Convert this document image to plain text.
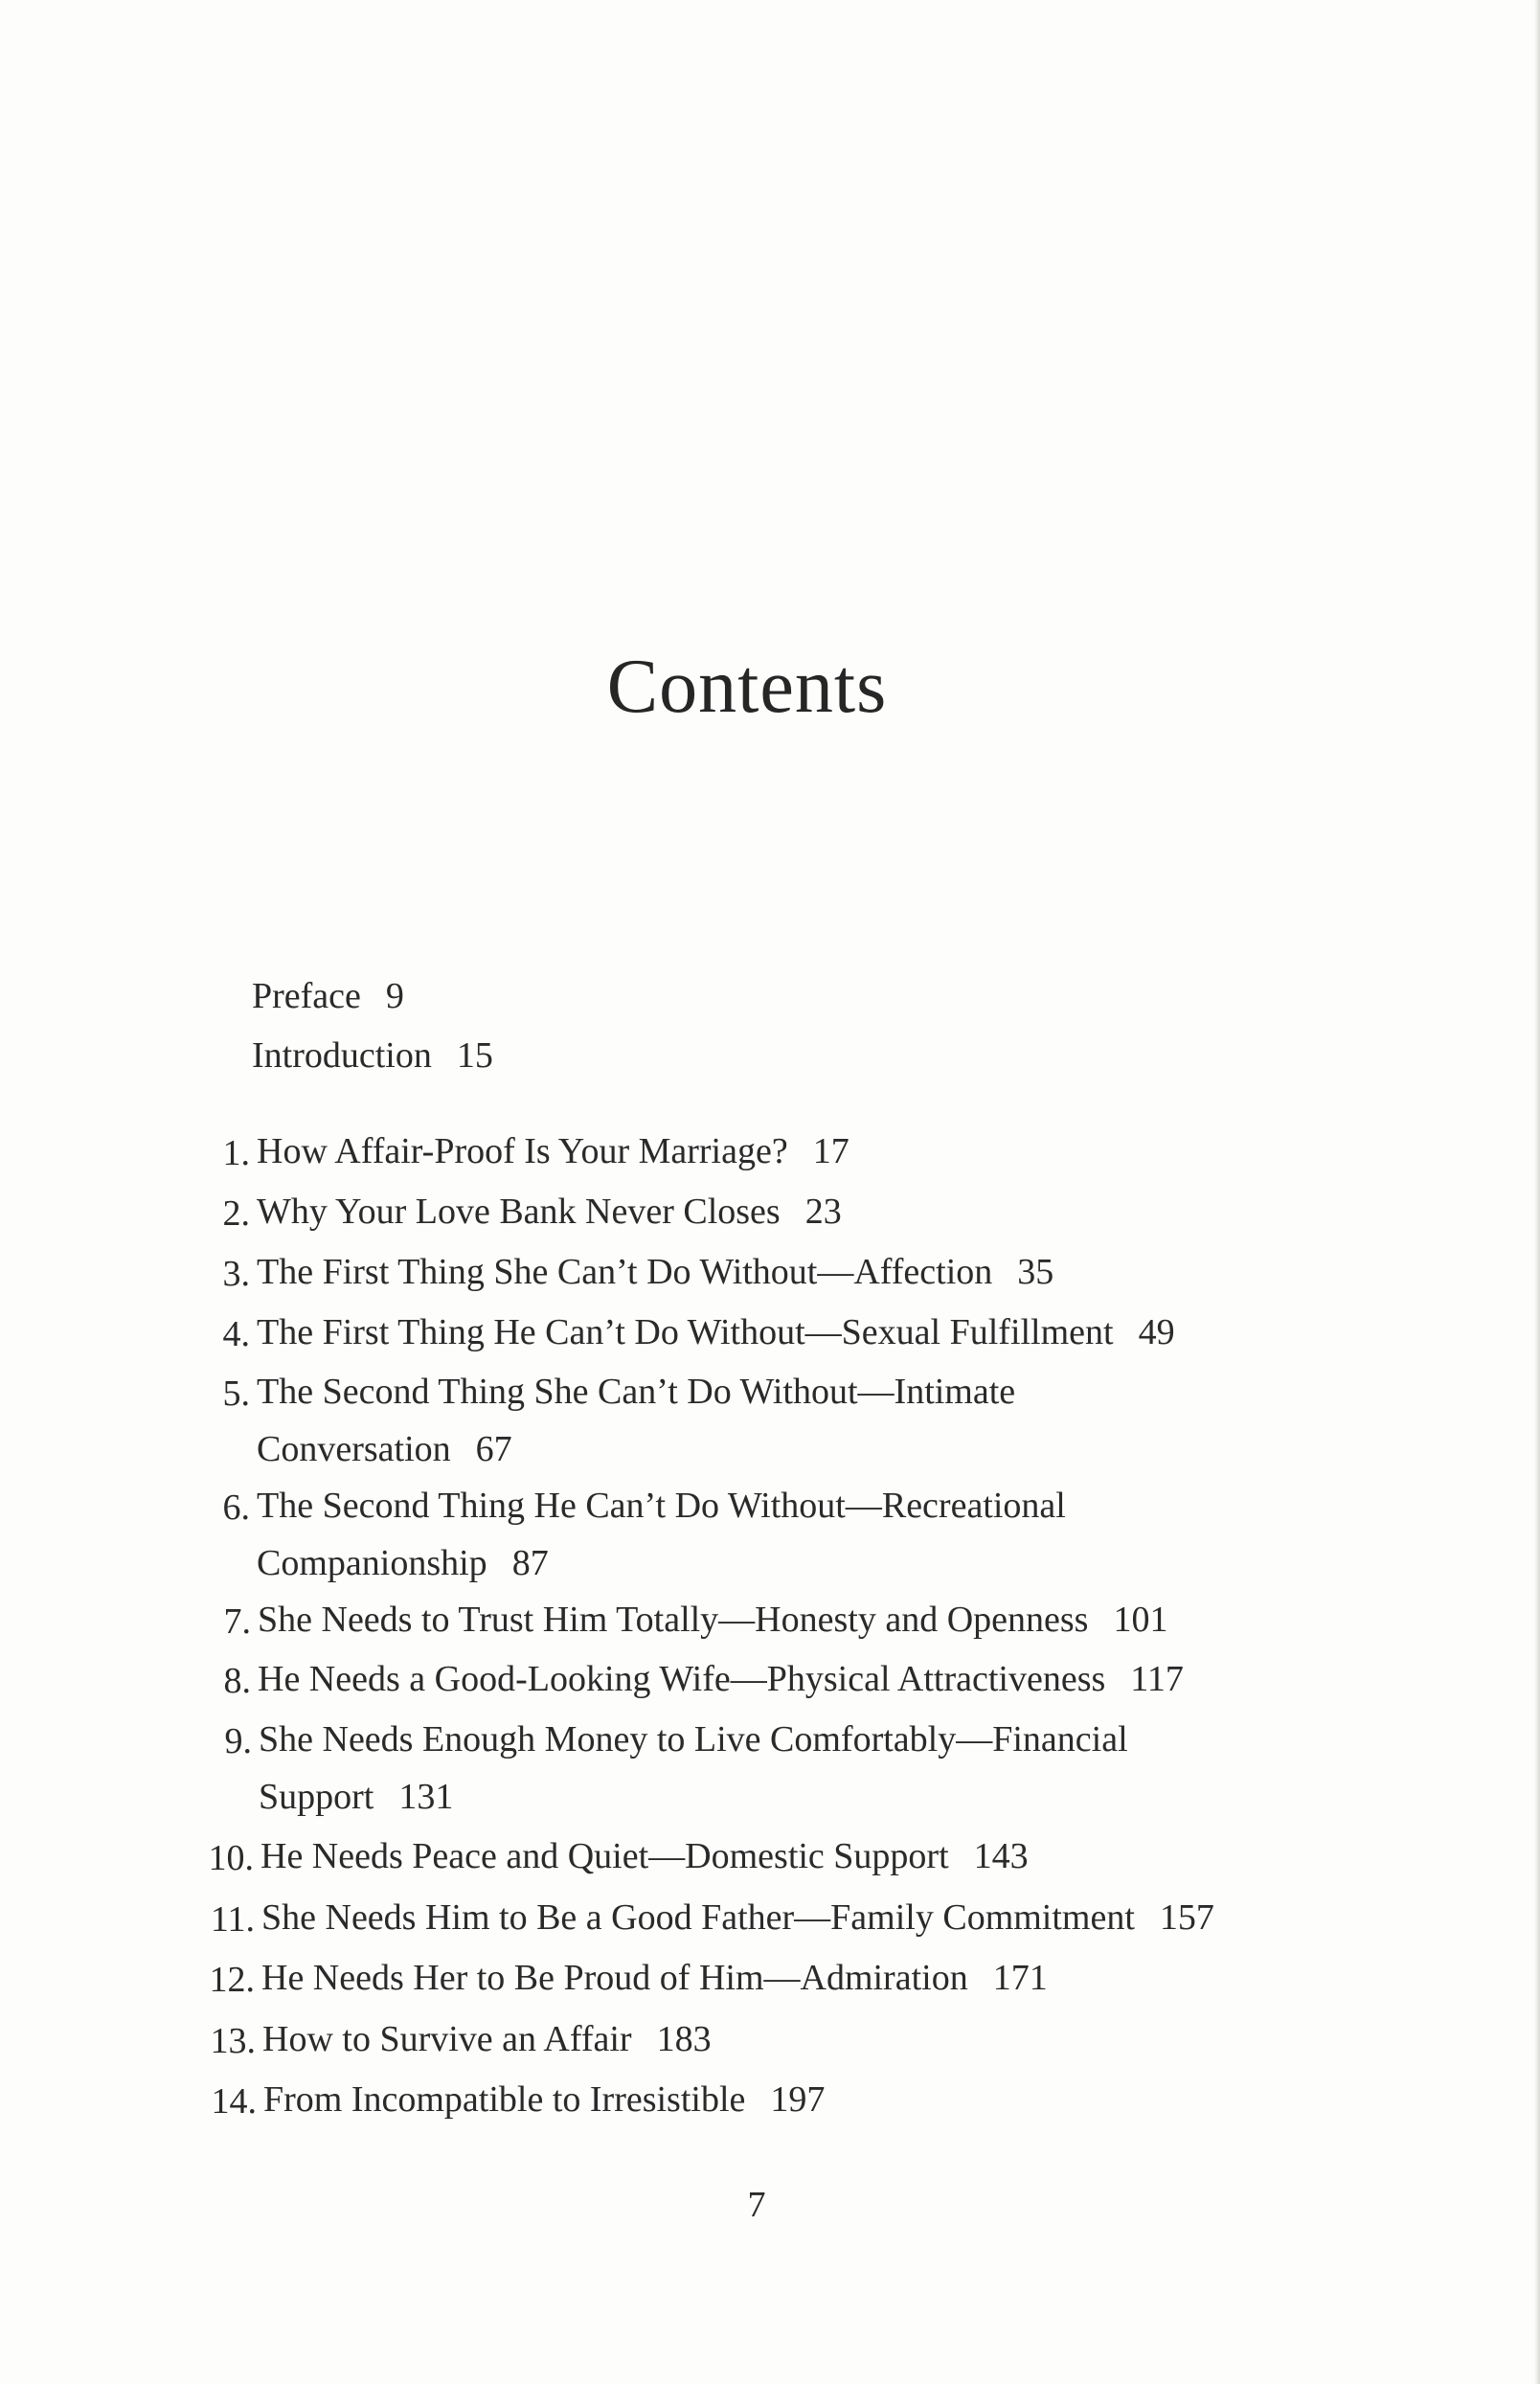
Contents
Preface 9
Introduction 15
1. How Affair-Proof Is Your Marriage? 17
2. Why Your Love Bank Never Closes 23
3. The First Thing She Can’t Do Without—Affection 35
4. The First Thing He Can’t Do Without—Sexual Fulfillment 49
5. The Second Thing She Can’t Do Without—Intimate
Conversation 67
6. The Second Thing He Can’t Do Without—Recreational
Companionship 87
7. She Needs to Trust Him Totally—Honesty and Openness 101
8. He Needs a Good-Looking Wife—Physical Attractiveness 117
9. She Needs Enough Money to Live Comfortably—Financial
Support 131
10. He Needs Peace and Quiet—Domestic Support 143
11. She Needs Him to Be a Good Father—Family Commitment 157
12. He Needs Her to Be Proud of Him—Admiration 171
13. How to Survive an Affair 183
14. From Incompatible to Irresistible 197
7
